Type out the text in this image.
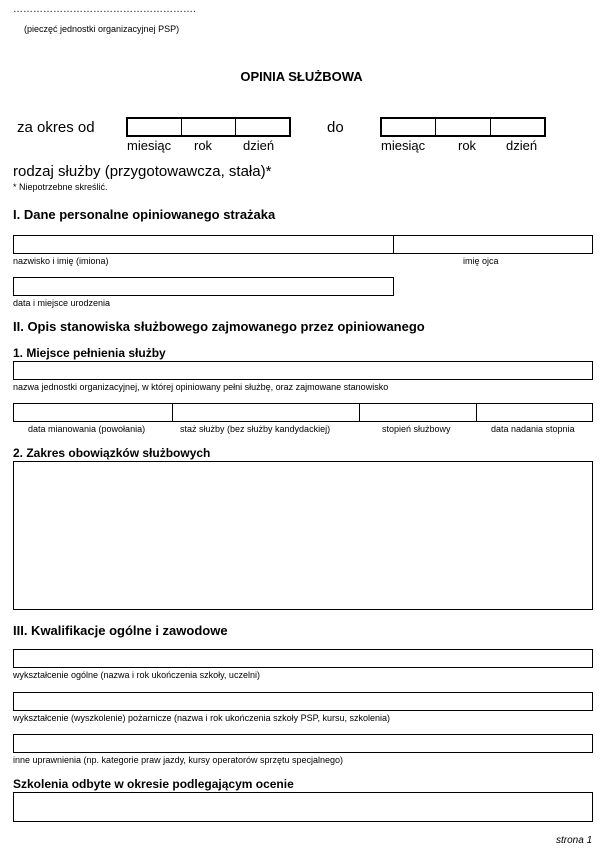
……………………………………………….
(pieczęć jednostki organizacyjnej PSP)
OPINIA SŁUŻBOWA
za okres od
miesiąc rok dzień
do
miesiąc	rok dzień
rodzaj służby (przygotowawcza, stała)*
* Niepotrzebne skreślić.
I. Dane personalne opiniowanego strażaka
nazwisko i imię (imiona)	imię ojca
data i miejsce urodzenia
II. Opis stanowiska służbowego zajmowanego przez opiniowanego
1. Miejsce pełnienia służby
nazwa jednostki organizacyjnej, w której opiniowany pełni służbę, oraz zajmowane stanowisko
data mianowania (powołania)	staż służby (bez służby kandydackiej)	stopień służbowy	data nadania stopnia
2. Zakres obowiązków służbowych
III. Kwalifikacje ogólne i zawodowe
wykształcenie ogólne (nazwa i rok ukończenia szkoły, uczelni)
wykształcenie (wyszkolenie) pożarnicze (nazwa i rok ukończenia szkoły PSP, kursu, szkolenia)
inne uprawnienia (np. kategorie praw jazdy, kursy operatorów sprzętu specjalnego)
Szkolenia odbyte w okresie podlegającym ocenie
strona 1
